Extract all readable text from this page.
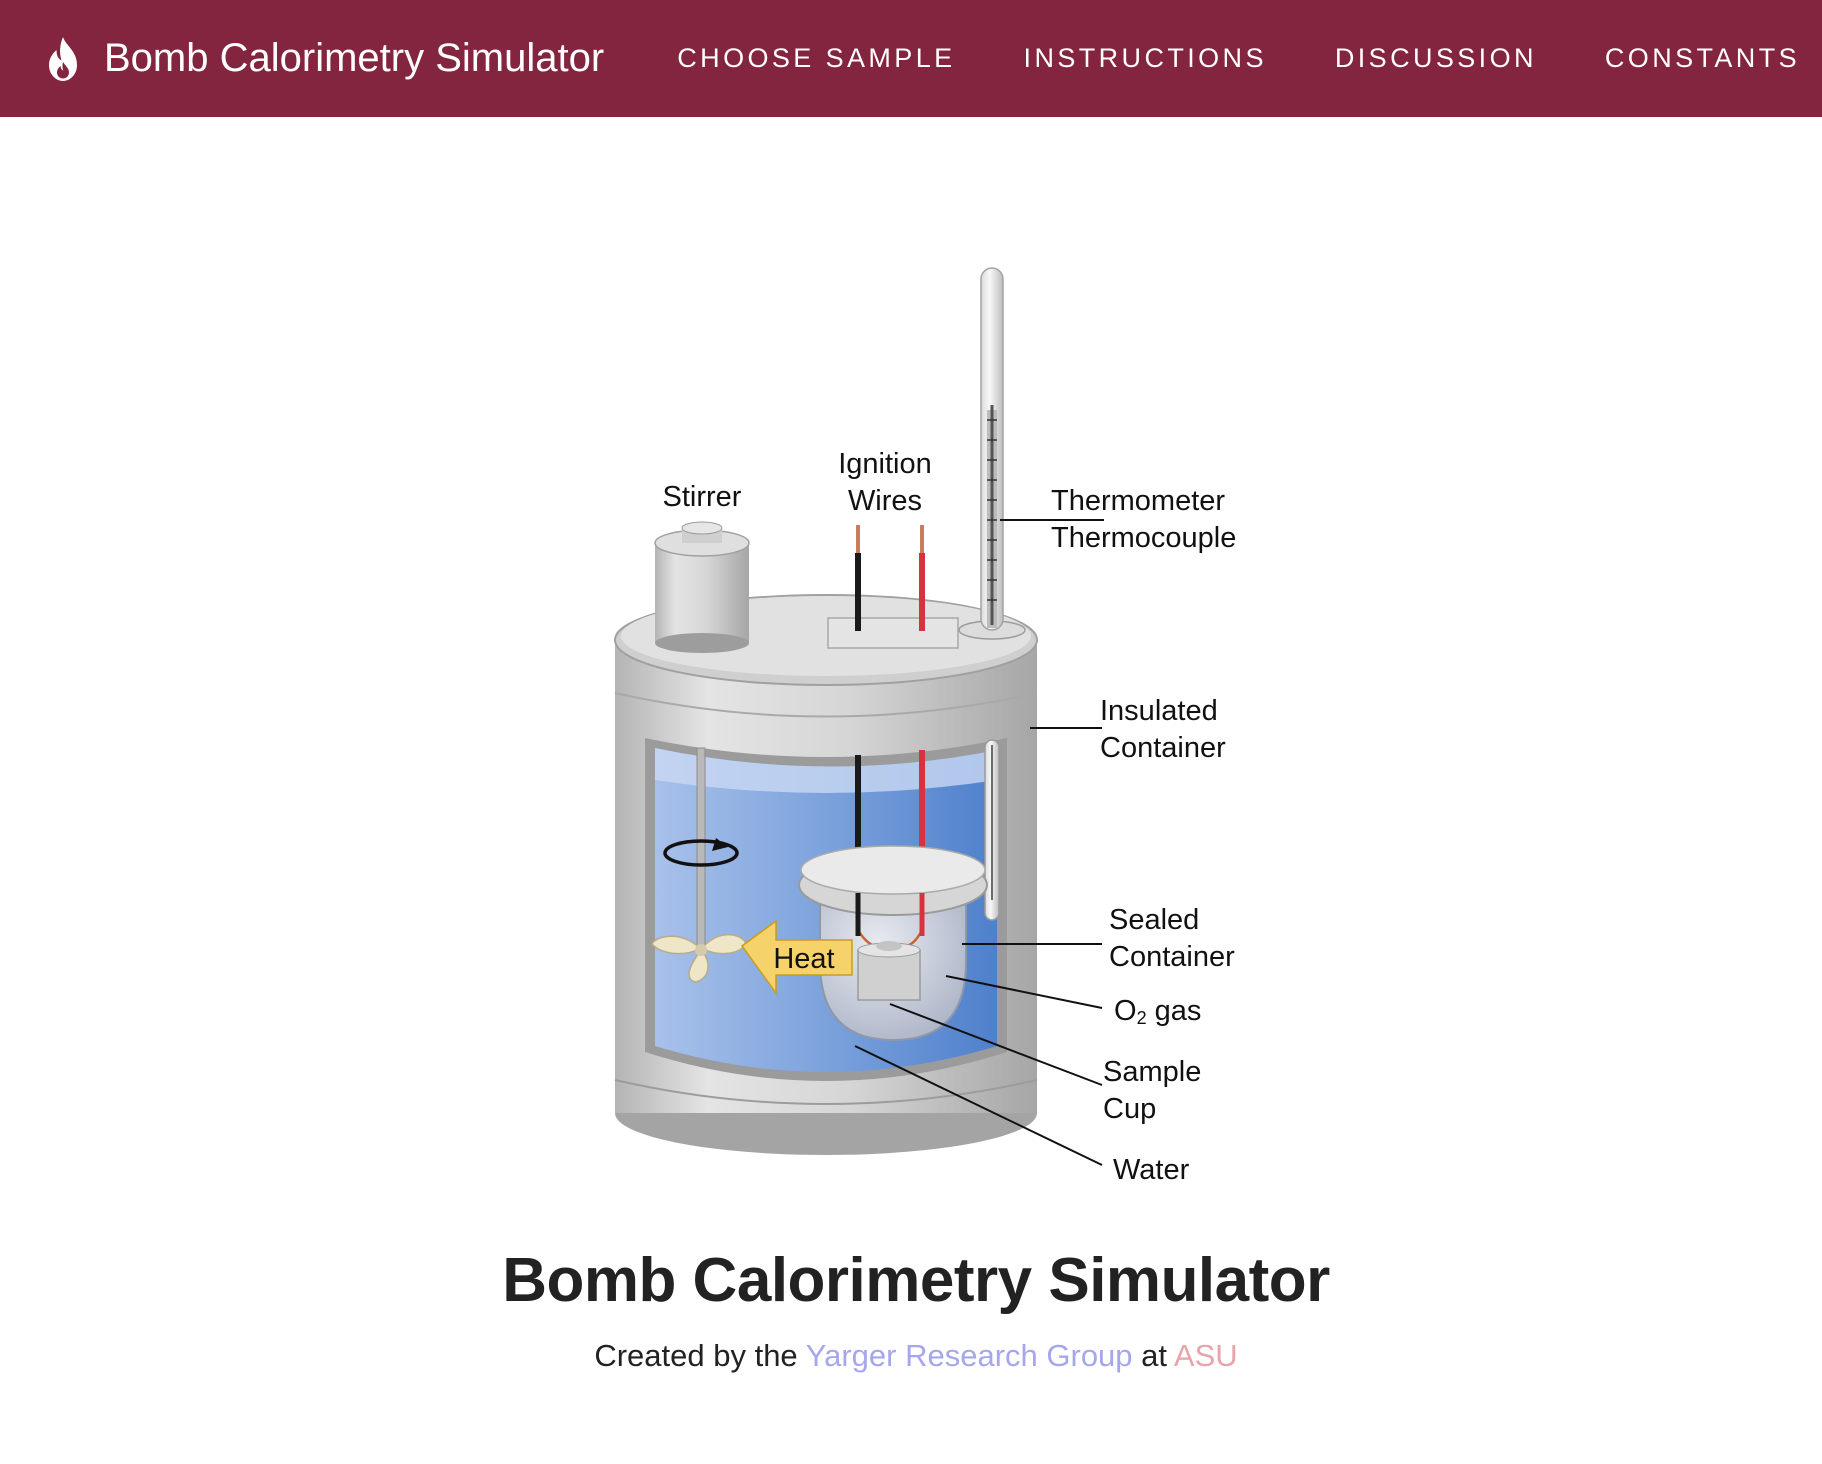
Bomb Calorimetry Simulator	CHOOSE SAMPLE	INSTRUCTIONS	DISCUSSION	CONSTANTS
Heat
Stirrer
Ignition
Wires	Thermometer
Thermocouple
Insulated
Container
Sealed
Container
O2 gas
Sample
Cup
Water
Bomb Calorimetry Simulator
Created by the Yarger Research Group at ASU
